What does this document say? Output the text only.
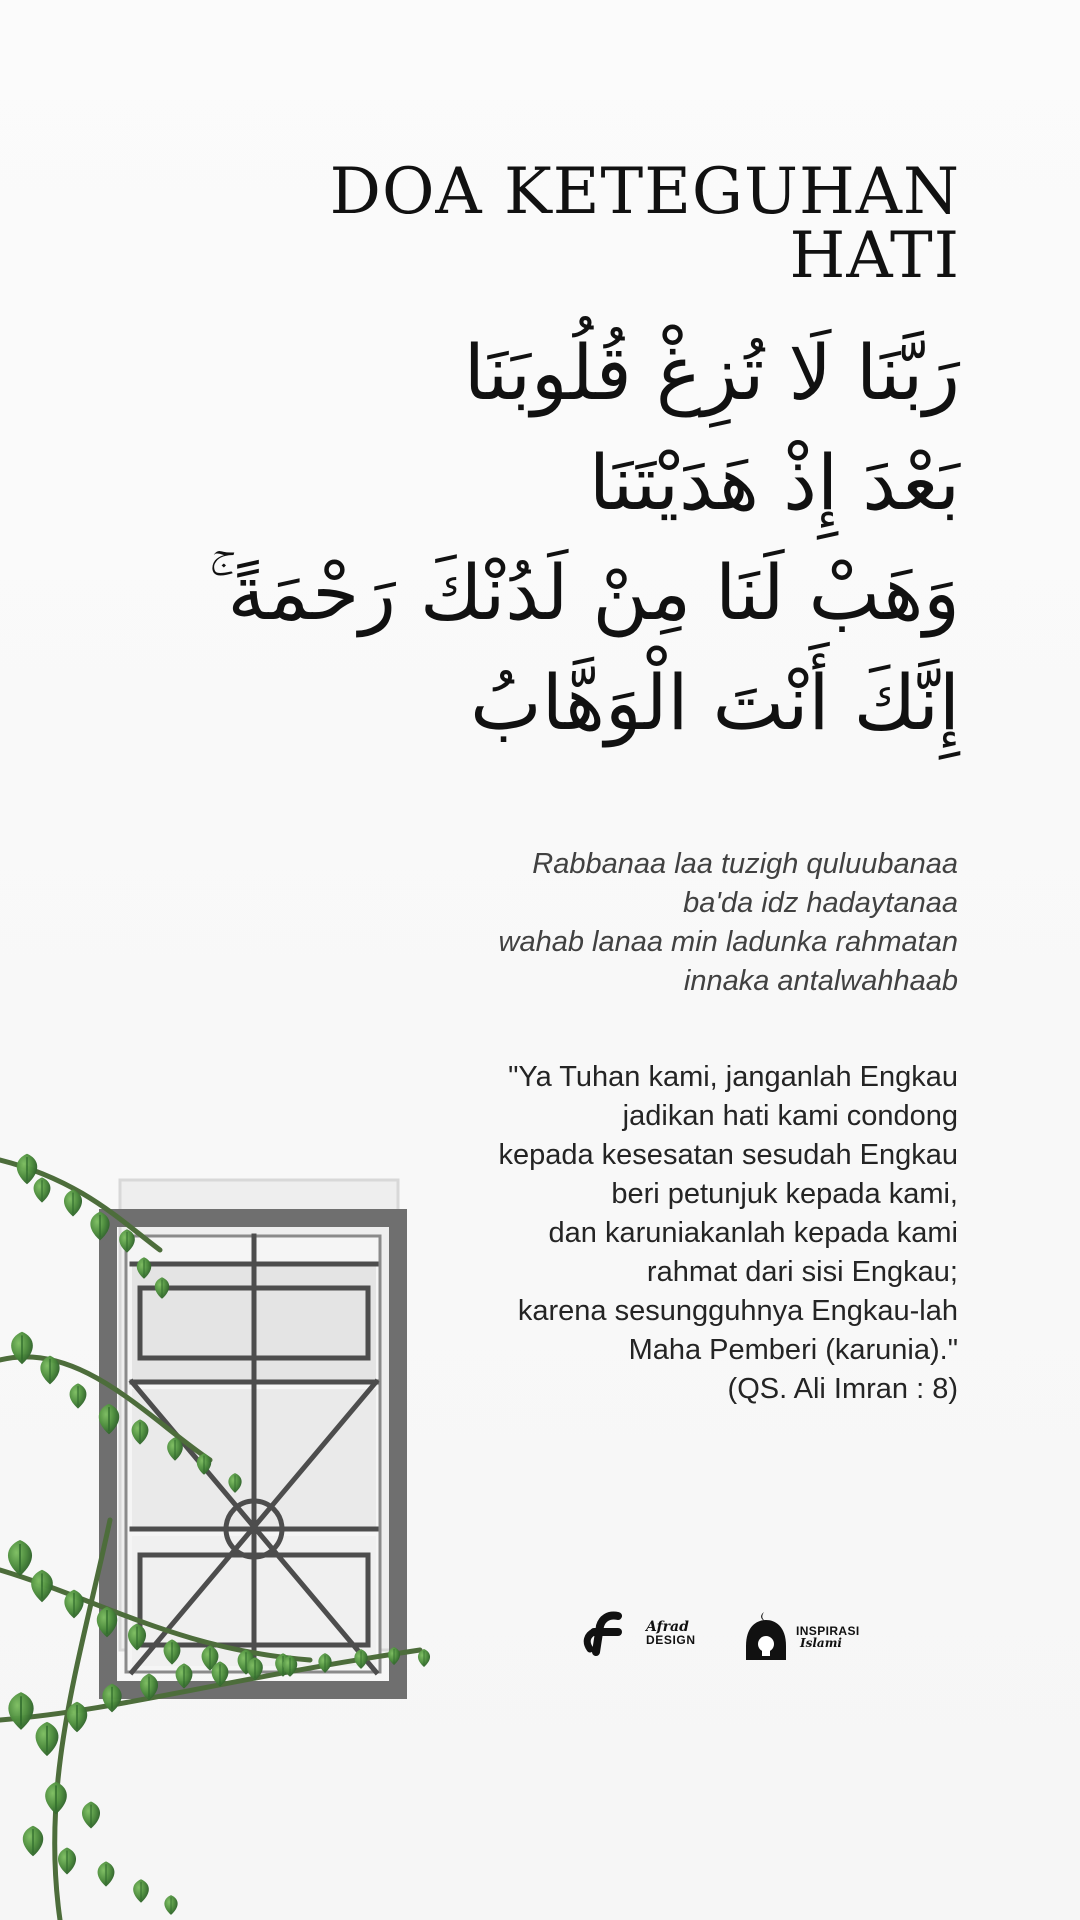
DOA KETEGUHAN HATI
رَبَّنَا لَا تُزِغْ قُلُوبَنَا
بَعْدَ إِذْ هَدَيْتَنَا
وَهَبْ لَنَا مِنْ لَدُنْكَ رَحْمَةً ۚ
إِنَّكَ أَنْتَ الْوَهَّابُ
Rabbanaa laa tuzigh quluubanaa
ba'da idz hadaytanaa
wahab lanaa min ladunka rahmatan
innaka antalwahhaab
"Ya Tuhan kami, janganlah Engkau
jadikan hati kami condong
kepada kesesatan sesudah Engkau
beri petunjuk kepada kami,
dan karuniakanlah kepada kami
rahmat dari sisi Engkau;
karena sesungguhnya Engkau-lah
Maha Pemberi (karunia)."
(QS. Ali Imran : 8)
Afrad
DESIGN
INSPIRASI
Islami
